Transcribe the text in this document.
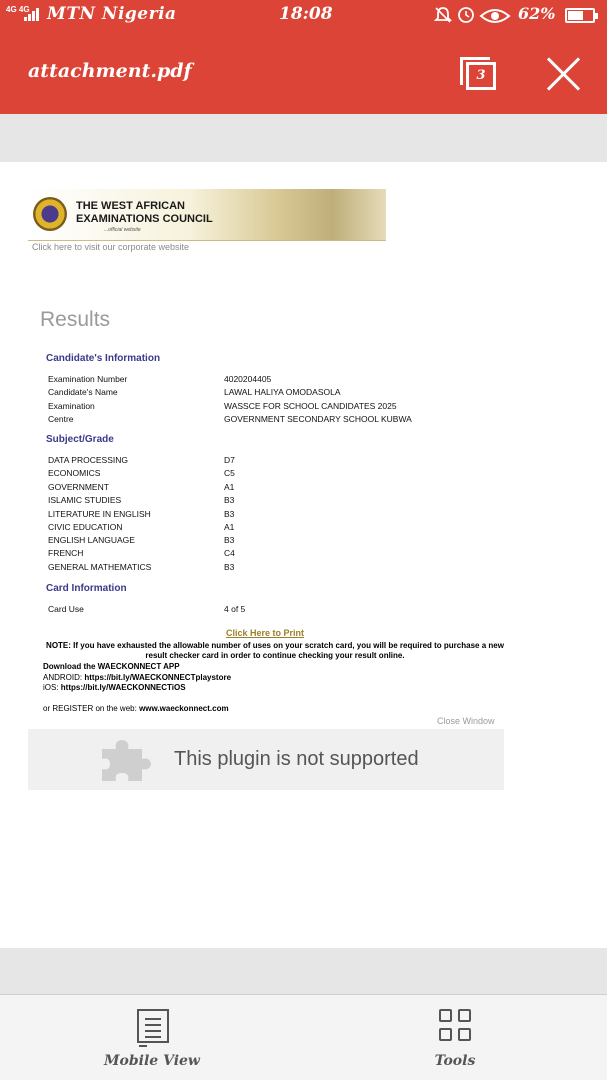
4G 4G MTN Nigeria	18:08	62%
attachment.pdf	3
THE WEST AFRICAN
EXAMINATIONS COUNCIL
...official website
Click here to visit our corporate website
Results
Candidate's Information
Examination Number	4020204405
Candidate's Name	LAWAL HALIYA OMODASOLA
Examination	WASSCE FOR SCHOOL CANDIDATES 2025
Centre	GOVERNMENT SECONDARY SCHOOL KUBWA
Subject/Grade
DATA PROCESSING	D7
ECONOMICS	C5
GOVERNMENT	A1
ISLAMIC STUDIES	B3
LITERATURE IN ENGLISH	B3
CIVIC EDUCATION	A1
ENGLISH LANGUAGE	B3
FRENCH	C4
GENERAL MATHEMATICS	B3
Card Information
Card Use	4 of 5
Click Here to Print
NOTE: If you have exhausted the allowable number of uses on your scratch card, you will be required to purchase a new result checker card in order to continue checking your result online.
Download the WAECKONNECT APP
ANDROID: https://bit.ly/WAECKONNECTplaystore
iOS: https://bit.ly/WAECKONNECTiOS
or REGISTER on the web: www.waeckonnect.com
Close Window
This plugin is not supported
Mobile View	Tools
